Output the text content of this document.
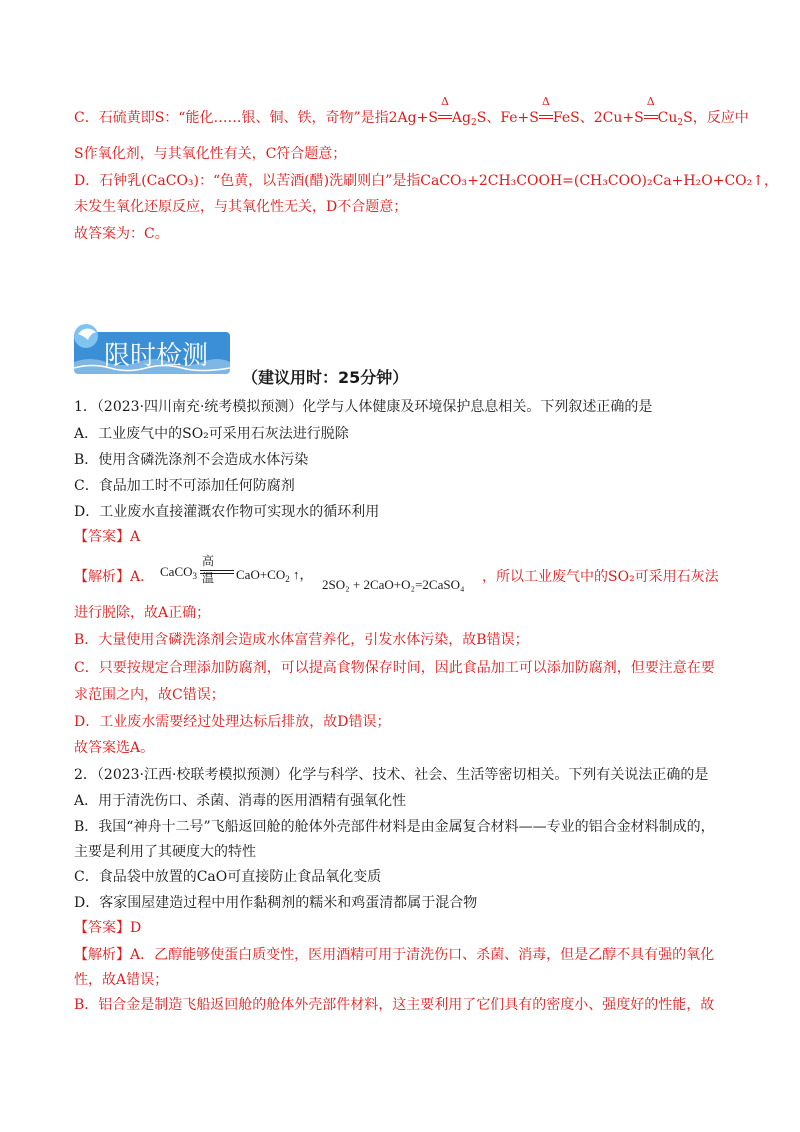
C．石硫黄即S：“能化……银、铜、铁，奇物”是指2Ag+S
Δ
$Ag_2S$、Fe+S
Δ
FeS、2Cu+S
Δ
$Cu_2S$，反应中
S作氧化剂，与其氧化性有关，C符合题意；
D．石钟乳(CaCO₃)：“色黄，以苦酒(醋)洗刷则白”是指CaCO₃+2CH₃COOH=(CH₃COO)₂Ca+H₂O+CO₂↑，
未发生氧化还原反应，与其氧化性无关，D不合题意；
故答案为：C。
限时检测
（建议用时：25分钟）
1．（2023·四川南充·统考模拟预测）化学与人体健康及环境保护息息相关。下列叙述正确的是
A．工业废气中的SO₂可采用石灰法进行脱除
B．使用含磷洗涤剂不会造成水体污染
C．食品加工时不可添加任何防腐剂
D．工业废水直接灌溉农作物可实现水的循环利用
【答案】A
【解析】A．
高温
CaCO$_3$	$CaO+CO_2$ ↑，
2SO₂ + 2CaO+O₂=2CaSO₄ ，所以工业废气中的SO₂可采用石灰法
进行脱除，故A正确；
B．大量使用含磷洗涤剂会造成水体富营养化，引发水体污染，故B错误；
C．只要按规定合理添加防腐剂，可以提高食物保存时间，因此食品加工可以添加防腐剂，但要注意在要
求范围之内，故C错误；
D．工业废水需要经过处理达标后排放，故D错误；
故答案选A。
2．（2023·江西·校联考模拟预测）化学与科学、技术、社会、生活等密切相关。下列有关说法正确的是
A．用于清洗伤口、杀菌、消毒的医用酒精有强氧化性
B．我国“神舟十二号”飞船返回舱的舱体外壳部件材料是由金属复合材料——专业的铝合金材料制成的，
主要是利用了其硬度大的特性
C．食品袋中放置的CaO可直接防止食品氧化变质
D．客家围屋建造过程中用作黏稠剂的糯米和鸡蛋清都属于混合物
【答案】D
【解析】A．乙醇能够使蛋白质变性，医用酒精可用于清洗伤口、杀菌、消毒，但是乙醇不具有强的氧化
性，故A错误；
B．铝合金是制造飞船返回舱的舱体外壳部件材料，这主要利用了它们具有的密度小、强度好的性能，故
